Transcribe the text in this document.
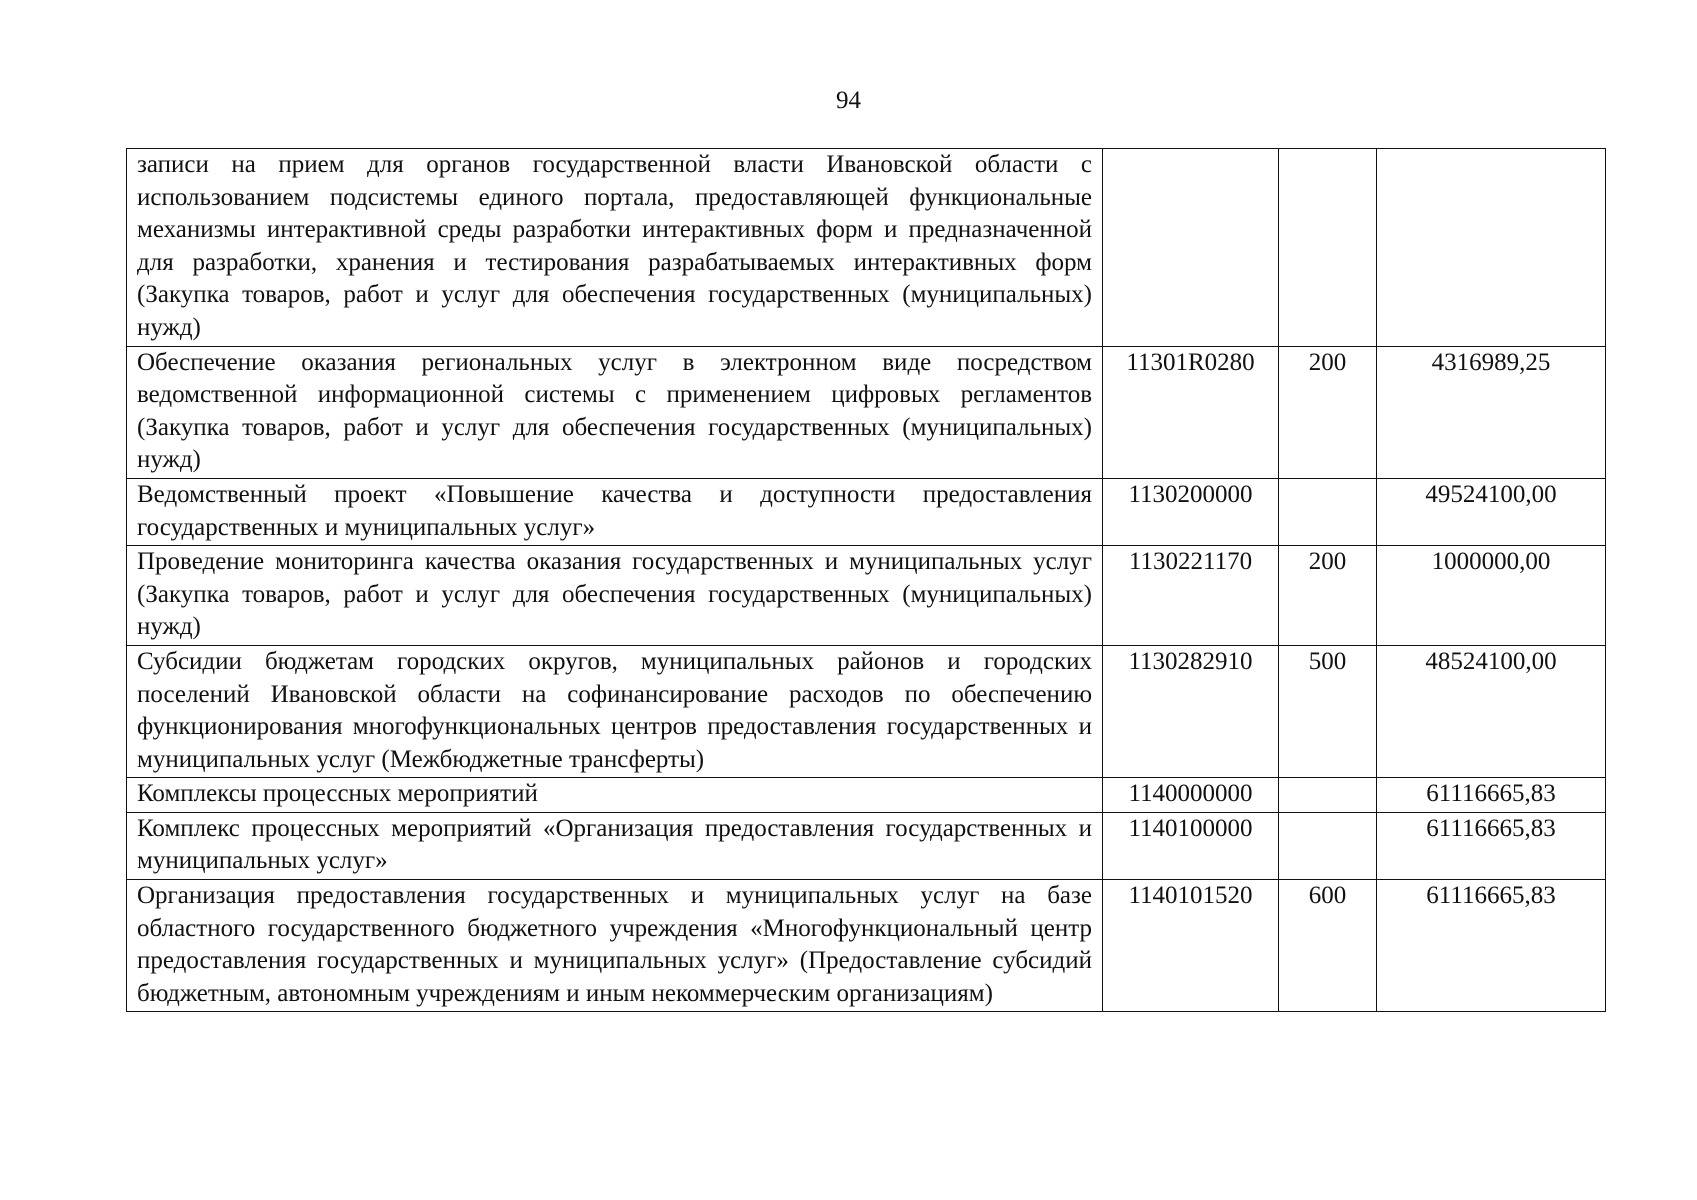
94
записи на прием для органов государственной власти Ивановской области с использованием подсистемы единого портала, предоставляющей функциональные механизмы интерактивной среды разработки интерактивных форм и предназначенной для разработки, хранения и тестирования разрабатываемых интерактивных форм (Закупка товаров, работ и услуг для обеспечения государственных (муниципальных) нужд)			
Обеспечение оказания региональных услуг в электронном виде посредством ведомственной информационной системы с применением цифровых регламентов (Закупка товаров, работ и услуг для обеспечения государственных (муниципальных) нужд)	11301R0280	200	4316989,25
Ведомственный проект «Повышение качества и доступности предоставления государственных и муниципальных услуг»	1130200000		49524100,00
Проведение мониторинга качества оказания государственных и муниципальных услуг (Закупка товаров, работ и услуг для обеспечения государственных (муниципальных) нужд)	1130221170	200	1000000,00
Субсидии бюджетам городских округов, муниципальных районов и городских поселений Ивановской области на софинансирование расходов по обеспечению функционирования многофункциональных центров предоставления государственных и муниципальных услуг (Межбюджетные трансферты)	1130282910	500	48524100,00
Комплексы процессных мероприятий	1140000000		61116665,83
Комплекс процессных мероприятий «Организация предоставления государственных и муниципальных услуг»	1140100000		61116665,83
Организация предоставления государственных и муниципальных услуг на базе областного государственного бюджетного учреждения «Многофункциональный центр предоставления государственных и муниципальных услуг» (Предоставление субсидий бюджетным, автономным учреждениям и иным некоммерческим организациям)	1140101520	600	61116665,83
